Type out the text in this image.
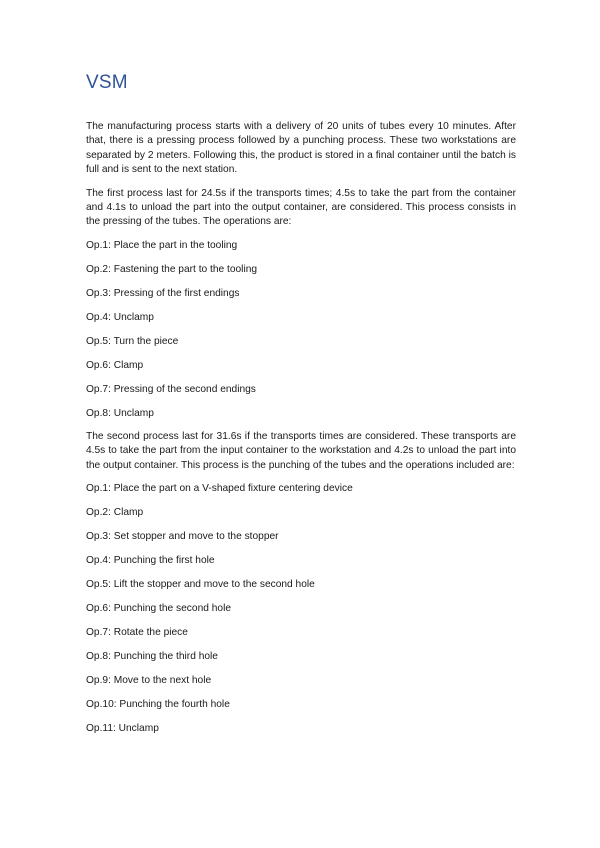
VSM

The manufacturing process starts with a delivery of 20 units of tubes every 10 minutes. After that, there is a pressing process followed by a punching process. These two workstations are separated by 2 meters. Following this, the product is stored in a final container until the batch is full and is sent to the next station.

The first process last for 24.5s if the transports times; 4.5s to take the part from the container and 4.1s to unload the part into the output container, are considered. This process consists in the pressing of the tubes. The operations are:

Op.1: Place the part in the tooling

Op.2: Fastening the part to the tooling

Op.3: Pressing of the first endings

Op.4: Unclamp

Op.5: Turn the piece

Op.6: Clamp

Op.7: Pressing of the second endings

Op.8: Unclamp

The second process last for 31.6s if the transports times are considered. These transports are 4.5s to take the part from the input container to the workstation and 4.2s to unload the part into the output container. This process is the punching of the tubes and the operations included are:

Op.1: Place the part on a V-shaped fixture centering device

Op.2: Clamp

Op.3: Set stopper and move to the stopper

Op.4: Punching the first hole

Op.5: Lift the stopper and move to the second hole

Op.6: Punching the second hole

Op.7: Rotate the piece

Op.8: Punching the third hole

Op.9: Move to the next hole

Op.10: Punching the fourth hole

Op.11: Unclamp
